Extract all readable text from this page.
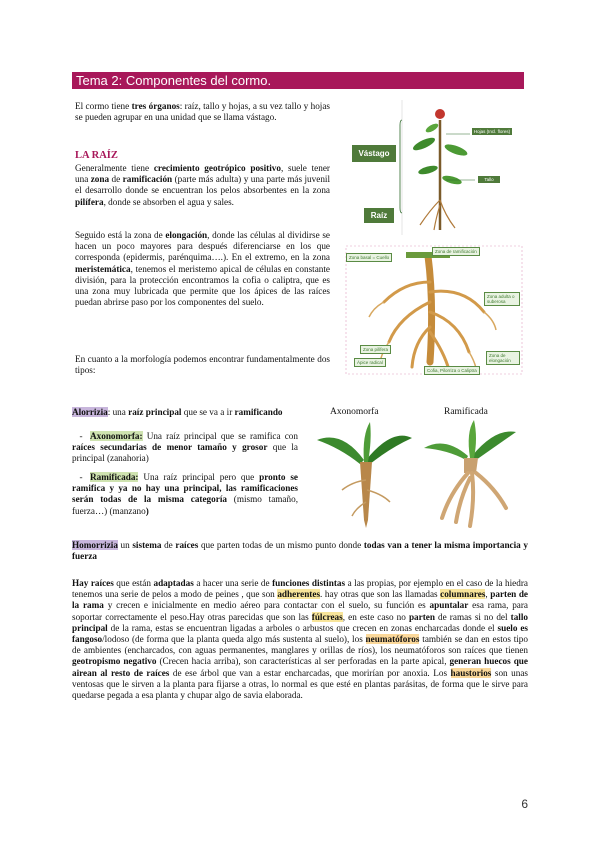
Tema 2: Componentes del cormo.
El cormo tiene tres órganos: raíz, tallo y hojas, a su vez tallo y hojas se pueden agrupar en una unidad que se llama vástago.
LA RAÍZ
Generalmente tiene crecimiento geotrópico positivo, suele tener una zona de ramificación (parte más adulta) y una parte más juvenil el desarrollo donde se encuentran los pelos absorbentes en la zona pilífera, donde se absorben el agua y sales.
Seguido está la zona de elongación, donde las células al dividirse se hacen un poco mayores para después diferenciarse en los que corresponda (epidermis, parénquima….). En el extremo, en la zona meristemática, tenemos el meristemo apical de células en constante división, para la protección encontramos la cofia o caliptra, que es una zona muy lubricada que permite que los ápices de las raíces puedan abrirse paso por los componentes del suelo.
En cuanto a la morfología podemos encontrar fundamentalmente dos tipos:
Vástago
Raíz
Hojas (Incl. flores)
Tallo
Zona basal = Cuello
Zona de ramificación
Zona adulta o suberosa
Zona pilífera
Ápice radical
Zona de elongación
Cofia, Pilorriza o Caliptra
Alorrizia: una raíz principal que se va a ir ramificando
- Axonomorfa: Una raíz principal que se ramifica con raíces secundarias de menor tamaño y grosor que la principal (zanahoria)
- Ramificada: Una raíz principal pero que pronto se ramifica y ya no hay una principal, las ramificaciones serán todas de la misma categoría (mismo tamaño, fuerza…) (manzano)
Axonomorfa	Ramificada
Homorrizia un sistema de raíces que parten todas de un mismo punto donde todas van a tener la misma importancia y fuerza
Hay raíces que están adaptadas a hacer una serie de funciones distintas a las propias, por ejemplo en el caso de la hiedra tenemos una serie de pelos a modo de peines , que son adherentes. hay otras que son las llamadas columnares, parten de la rama y crecen e inicialmente en medio aéreo para contactar con el suelo, su función es apuntalar esa rama, para soportar correctamente el peso.Hay otras parecidas que son las fúlcreas, en este caso no parten de ramas si no del tallo principal de la rama, estas se encuentran ligadas a arboles o arbustos que crecen en zonas encharcadas donde el suelo es fangoso/lodoso (de forma que la planta queda algo más sustenta al suelo), los neumatóforos también se dan en estos tipo de ambientes (encharcados, con aguas permanentes, manglares y orillas de ríos), los neumatóforos son raíces que tienen geotropismo negativo (Crecen hacia arriba), son características al ser perforadas en la parte apical, generan huecos que airean al resto de raíces de ese árbol que van a estar encharcadas, que morirían por anoxia. Los haustorios son unas ventosas que le sirven a la planta para fijarse a otras, lo normal es que esté en plantas parásitas, de forma que le sirve para quedarse pegada a esa planta y chupar algo de savia elaborada.
6
